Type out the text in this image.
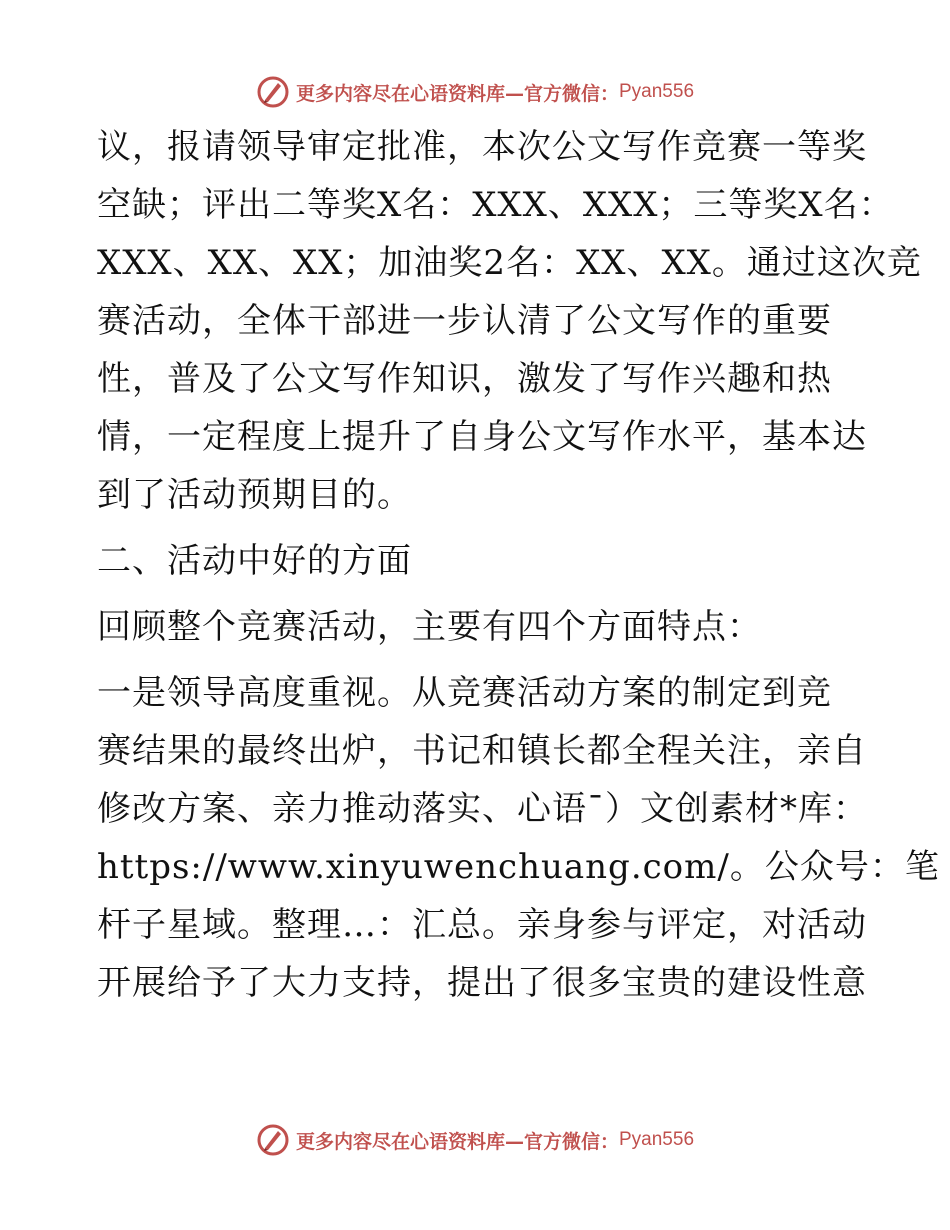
更多内容尽在心语资料库—官方微信： Pyan556
议，报请领导审定批准，本次公文写作竞赛一等奖
空缺；评出二等奖X名：XXX、XXX；三等奖X名：
XXX、XX、XX；加油奖2名：XX、XX。通过这次竞
赛活动，全体干部进一步认清了公文写作的重要
性，普及了公文写作知识，激发了写作兴趣和热
情，一定程度上提升了自身公文写作水平，基本达
到了活动预期目的。
二、活动中好的方面
回顾整个竞赛活动，主要有四个方面特点：
一是领导高度重视。从竞赛活动方案的制定到竞
赛结果的最终出炉，书记和镇长都全程关注，亲自
修改方案、亲力推动落实、心语¯）文创素材*库：
https://www.xinyuwenchuang.com/。公众号：笔
杆子星域。整理…：汇总。亲身参与评定，对活动
开展给予了大力支持，提出了很多宝贵的建设性意
更多内容尽在心语资料库—官方微信： Pyan556
